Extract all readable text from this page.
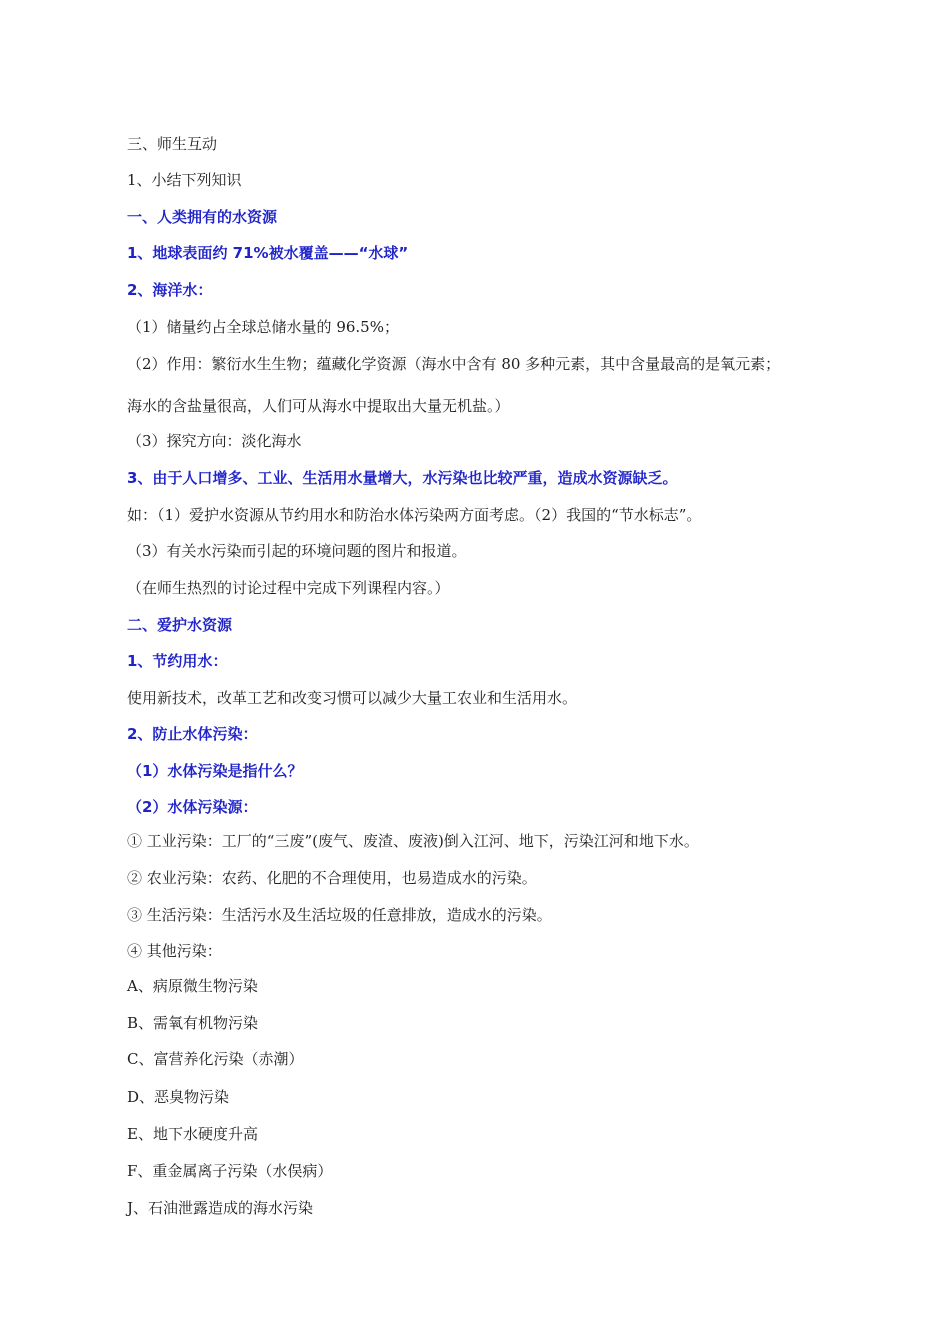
三、师生互动
1、小结下列知识
一、人类拥有的水资源
1、地球表面约 71%被水覆盖——“水球”
2、海洋水：
（1）储量约占全球总储水量的 96.5%；
（2）作用：繁衍水生生物；蕴藏化学资源（海水中含有 80 多种元素，其中含量最高的是氧元素；
海水的含盐量很高，人们可从海水中提取出大量无机盐。）
（3）探究方向：淡化海水
3、由于人口增多、工业、生活用水量增大，水污染也比较严重，造成水资源缺乏。
如：（1）爱护水资源从节约用水和防治水体污染两方面考虑。（2）我国的“节水标志”。
（3）有关水污染而引起的环境问题的图片和报道。
（在师生热烈的讨论过程中完成下列课程内容。）
二、爱护水资源
1、节约用水：
使用新技术，改革工艺和改变习惯可以减少大量工农业和生活用水。
2、防止水体污染：
（1）水体污染是指什么？
（2）水体污染源：
① 工业污染：工厂的“三废”(废气、废渣、废液)倒入江河、地下，污染江河和地下水。
② 农业污染：农药、化肥的不合理使用，也易造成水的污染。
③ 生活污染：生活污水及生活垃圾的任意排放，造成水的污染。
④ 其他污染：
A、病原微生物污染
B、需氧有机物污染
C、富营养化污染（赤潮）
D、恶臭物污染
E、地下水硬度升高
F、重金属离子污染（水俣病）
J、石油泄露造成的海水污染
